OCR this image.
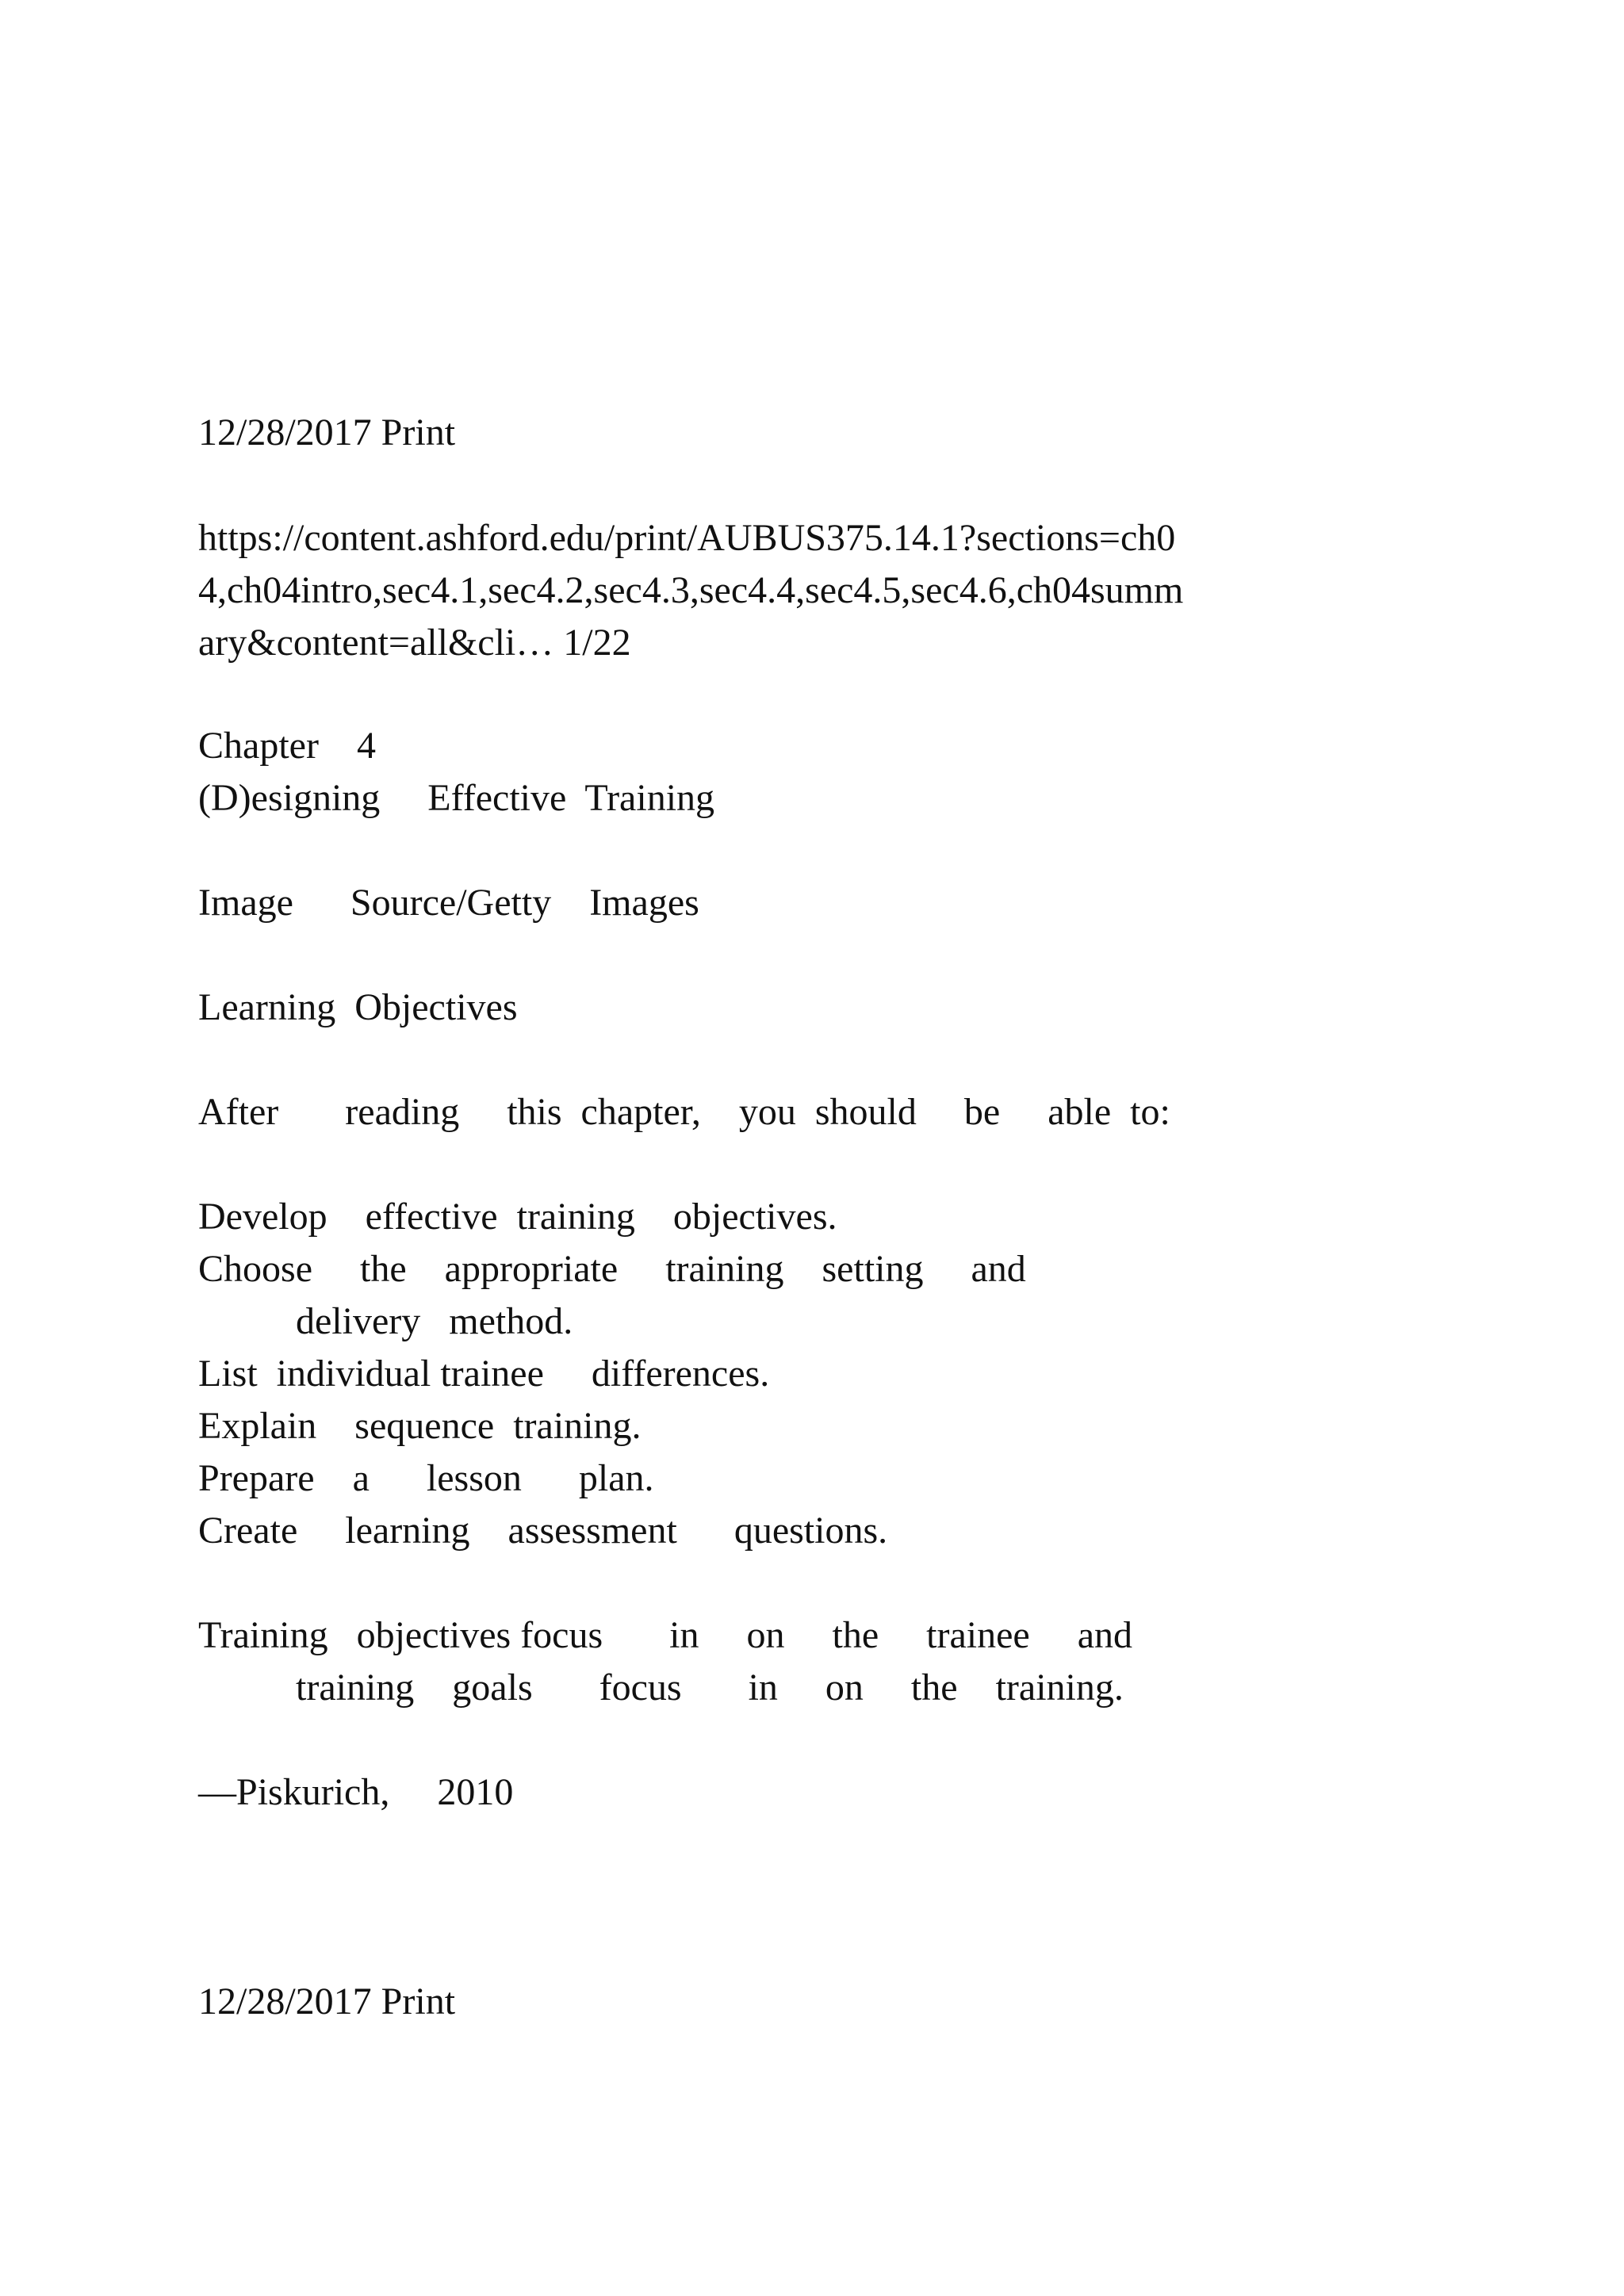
12/28/2017 Print

https://content.ashford.edu/print/AUBUS375.14.1?sections=ch0

4,ch04intro,sec4.1,sec4.2,sec4.3,sec4.4,sec4.5,sec4.6,ch04summ

ary&content=all&cli… 1/22

Chapter    4

(D)esigning     Effective  Training

Image      Source/Getty    Images

Learning  Objectives

After       reading     this  chapter,    you  should     be     able  to:

Develop    effective  training    objectives.

Choose     the    appropriate     training    setting     and

delivery   method.

List  individual trainee     differences.

Explain    sequence  training.

Prepare    a      lesson      plan.

Create     learning    assessment      questions.

Training   objectives focus       in     on     the     trainee     and

training    goals       focus       in     on     the    training.

—Piskurich,     2010

12/28/2017 Print
